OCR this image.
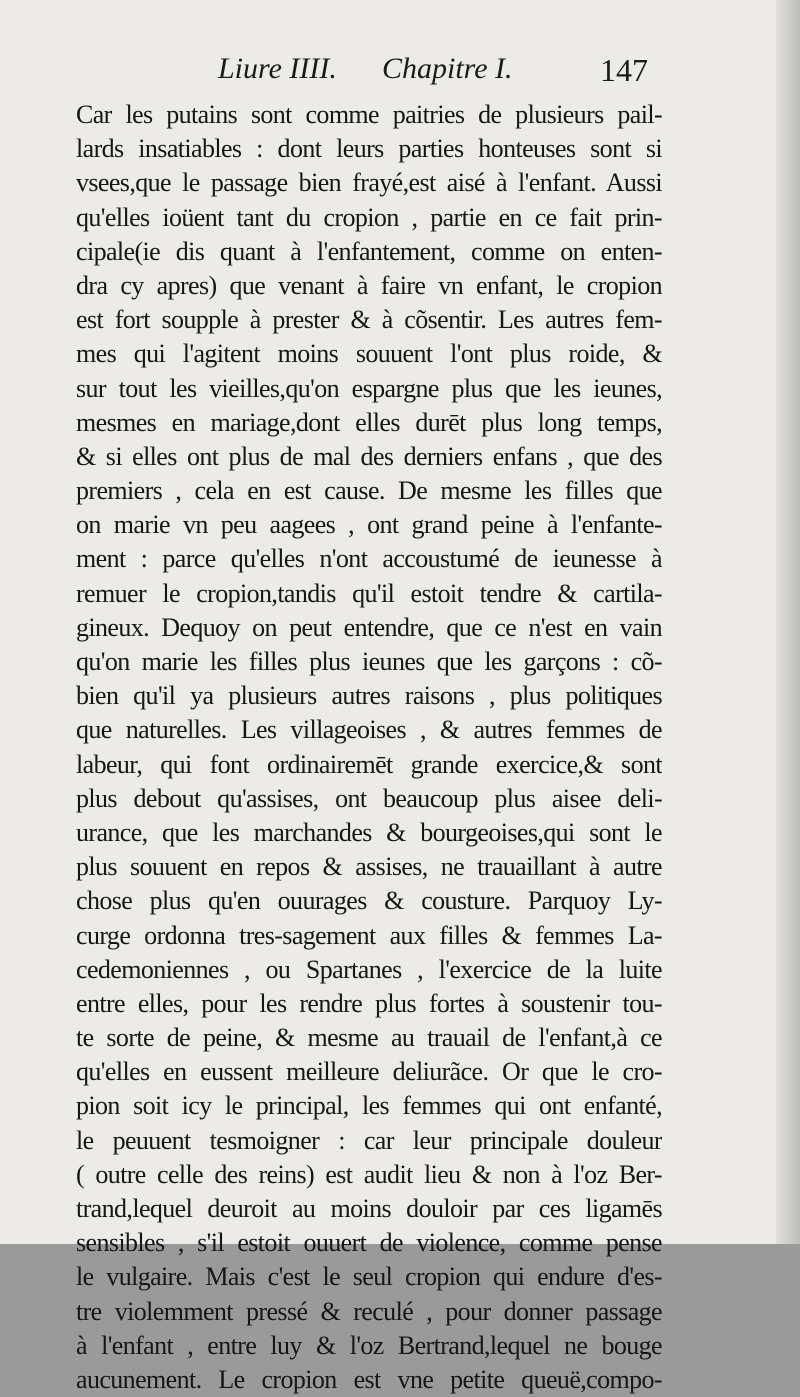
Liure IIII. Chapitre I.	147
Car les putains sont comme paitries de plusieurs pail-
lards insatiables : dont leurs parties honteuses sont si
vsees,que le passage bien frayé,est aisé à l'enfant. Aussi
qu'elles ioüent tant du cropion , partie en ce fait prin-
cipale(ie dis quant à l'enfantement, comme on enten-
dra cy apres) que venant à faire vn enfant, le cropion
est fort soupple à prester & à cõsentir. Les autres fem-
mes qui l'agitent moins souuent l'ont plus roide, &
sur tout les vieilles,qu'on espargne plus que les ieunes,
mesmes en mariage,dont elles durēt plus long temps,
& si elles ont plus de mal des derniers enfans , que des
premiers , cela en est cause. De mesme les filles que
on marie vn peu aagees , ont grand peine à l'enfante-
ment : parce qu'elles n'ont accoustumé de ieunesse à
remuer le cropion,tandis qu'il estoit tendre & cartila-
gineux. Dequoy on peut entendre, que ce n'est en vain
qu'on marie les filles plus ieunes que les garçons : cõ-
bien qu'il ya plusieurs autres raisons , plus politiques
que naturelles. Les villageoises , & autres femmes de
labeur, qui font ordinairemēt grande exercice,& sont
plus debout qu'assises, ont beaucoup plus aisee deli-
urance, que les marchandes & bourgeoises,qui sont le
plus souuent en repos & assises, ne trauaillant à autre
chose plus qu'en ouurages & cousture. Parquoy Ly-
curge ordonna tres-sagement aux filles & femmes La-
cedemoniennes , ou Spartanes , l'exercice de la luite
entre elles, pour les rendre plus fortes à soustenir tou-
te sorte de peine, & mesme au trauail de l'enfant,à ce
qu'elles en eussent meilleure deliurãce. Or que le cro-
pion soit icy le principal, les femmes qui ont enfanté,
le peuuent tesmoigner : car leur principale douleur
( outre celle des reins) est audit lieu & non à l'oz Ber-
trand,lequel deuroit au moins douloir par ces ligamēs
sensibles , s'il estoit ouuert de violence, comme pense
le vulgaire. Mais c'est le seul cropion qui endure d'es-
tre violemment pressé & reculé , pour donner passage
à l'enfant , entre luy & l'oz Bertrand,lequel ne bouge
aucunement. Le cropion est vne petite queuë,compo-
